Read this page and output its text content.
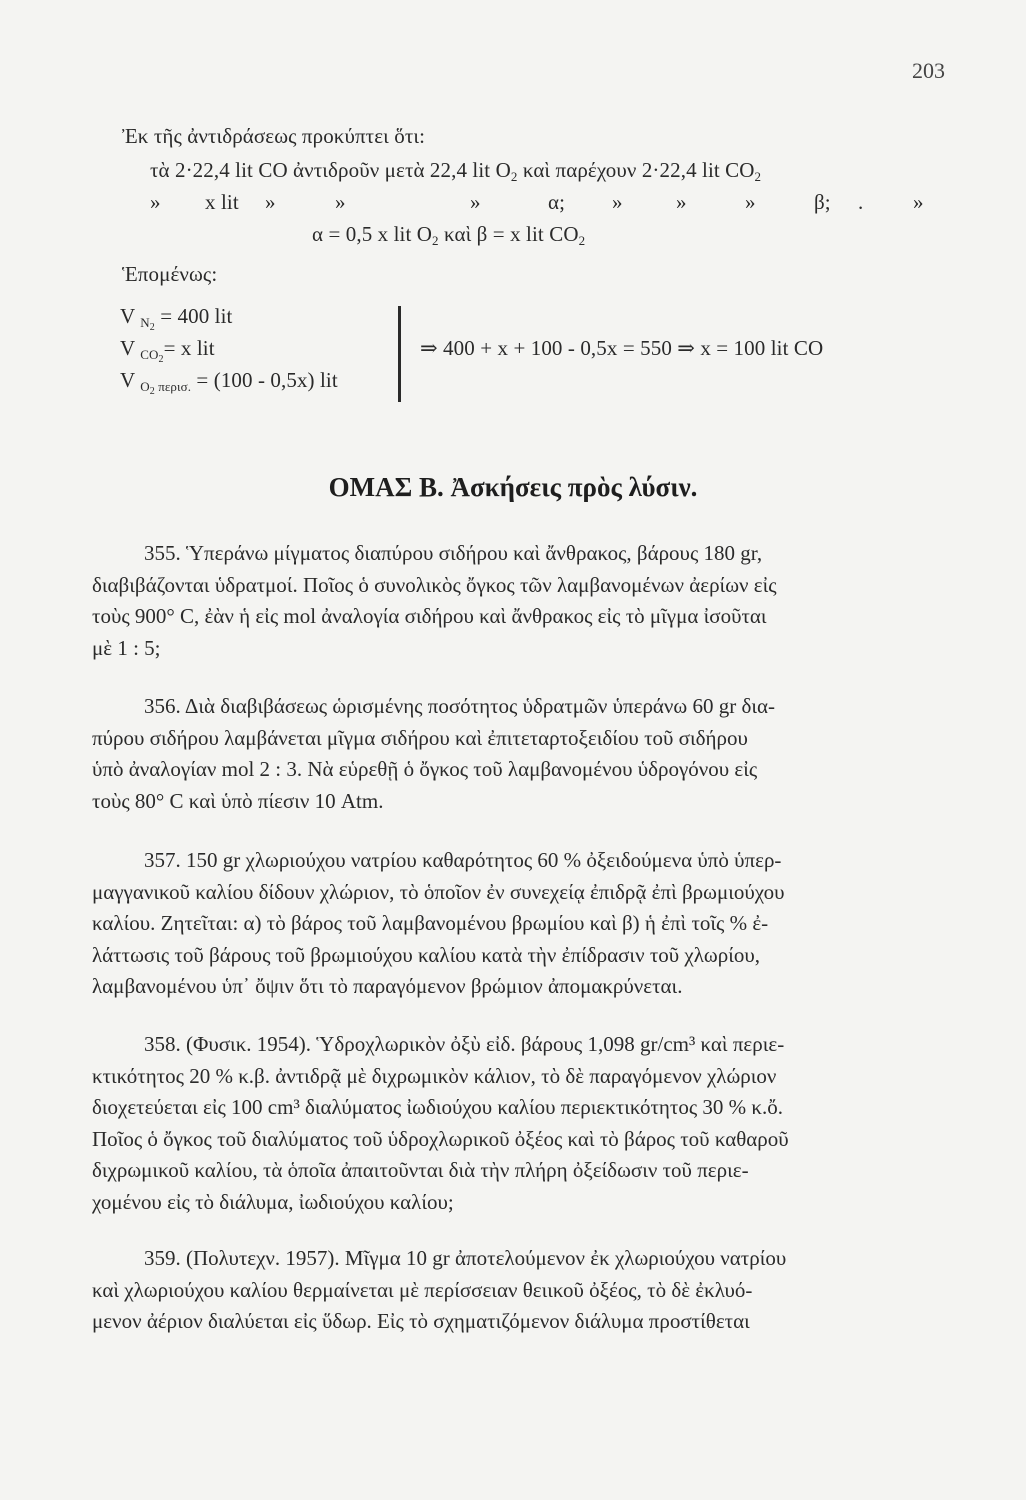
203
Ἐκ τῆς ἀντιδράσεως προκύπτει ὅτι:
τὰ 2·22,4 lit CO ἀντιδροῦν μετὰ 22,4 lit $O_2$ καὶ παρέχουν 2·22,4 lit $CO_2$
» x lit »	»	»	α; »	»	»	β; . »
α = 0,5 x lit $O_2$ καὶ β = x lit $CO_2$
Ἑπομένως:
V $_{N2}$ = 400 lit
V $_{CO2}$= x lit
V $_{O2}$ $_{\pi\varepsilon\rho\iota\sigma.}$ = (100 - 0,5x) lit
⇒ 400 + x + 100 - 0,5x = 550 ⇒ x = 100 lit CO
ΟΜΑΣ Β. Ἀσκήσεις πρὸς λύσιν.
355. Ὑπεράνω μίγματος διαπύρου σιδήρου καὶ ἄνθρακος, βάρους 180 gr,
διαβιβάζονται ὑδρατμοί. Ποῖος ὁ συνολικὸς ὄγκος τῶν λαμβανομένων ἀερίων εἰς
τοὺς 900° C, ἐὰν ἡ εἰς mol ἀναλογία σιδήρου καὶ ἄνθρακος εἰς τὸ μῖγμα ἰσοῦται
μὲ 1 : 5;
356. Διὰ διαβιβάσεως ὡρισμένης ποσότητος ὑδρατμῶν ὑπεράνω 60 gr δια-
πύρου σιδήρου λαμβάνεται μῖγμα σιδήρου καὶ ἐπιτεταρτοξειδίου τοῦ σιδήρου
ὑπὸ ἀναλογίαν mol 2 : 3. Νὰ εὑρεθῇ ὁ ὄγκος τοῦ λαμβανομένου ὑδρογόνου εἰς
τοὺς 80° C καὶ ὑπὸ πίεσιν 10 Atm.
357. 150 gr χλωριούχου νατρίου καθαρότητος 60 % ὀξειδούμενα ὑπὸ ὑπερ-
μαγγανικοῦ καλίου δίδουν χλώριον, τὸ ὁποῖον ἐν συνεχείᾳ ἐπιδρᾷ ἐπὶ βρωμιούχου
καλίου. Ζητεῖται: α) τὸ βάρος τοῦ λαμβανομένου βρωμίου καὶ β) ἡ ἐπὶ τοῖς % ἐ-
λάττωσις τοῦ βάρους τοῦ βρωμιούχου καλίου κατὰ τὴν ἐπίδρασιν τοῦ χλωρίου,
λαμβανομένου ὑπ᾽ ὄψιν ὅτι τὸ παραγόμενον βρώμιον ἀπομακρύνεται.
358. (Φυσικ. 1954). Ὑδροχλωρικὸν ὀξὺ εἰδ. βάρους 1,098 gr/cm³ καὶ περιε-
κτικότητος 20 % κ.β. ἀντιδρᾷ μὲ διχρωμικὸν κάλιον, τὸ δὲ παραγόμενον χλώριον
διοχετεύεται εἰς 100 cm³ διαλύματος ἰωδιούχου καλίου περιεκτικότητος 30 % κ.ὄ.
Ποῖος ὁ ὄγκος τοῦ διαλύματος τοῦ ὑδροχλωρικοῦ ὀξέος καὶ τὸ βάρος τοῦ καθαροῦ
διχρωμικοῦ καλίου, τὰ ὁποῖα ἀπαιτοῦνται διὰ τὴν πλήρη ὀξείδωσιν τοῦ περιε-
χομένου εἰς τὸ διάλυμα, ἰωδιούχου καλίου;
359. (Πολυτεχν. 1957). Μῖγμα 10 gr ἀποτελούμενον ἐκ χλωριούχου νατρίου
καὶ χλωριούχου καλίου θερμαίνεται μὲ περίσσειαν θειικοῦ ὀξέος, τὸ δὲ ἐκλυό-
μενον ἀέριον διαλύεται εἰς ὕδωρ. Εἰς τὸ σχηματιζόμενον διάλυμα προστίθεται
